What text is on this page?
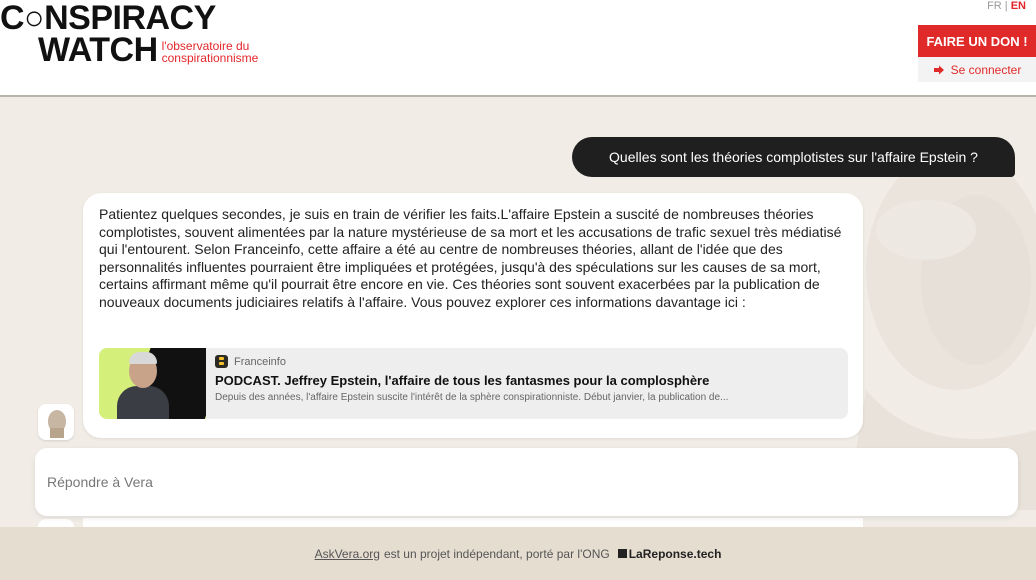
C○NSPIRACY
WATCH l'observatoire du
conspirationnisme
FR | EN
FAIRE UN DON !
Se connecter
Quelles sont les théories complotistes sur l'affaire Epstein ?
Patientez quelques secondes, je suis en train de vérifier les faits.L'affaire Epstein a suscité de nombreuses théories complotistes, souvent alimentées par la nature mystérieuse de sa mort et les accusations de trafic sexuel très médiatisé qui l'entourent. Selon Franceinfo, cette affaire a été au centre de nombreuses théories, allant de l'idée que des personnalités influentes pourraient être impliquées et protégées, jusqu'à des spéculations sur les causes de sa mort, certains affirmant même qu'il pourrait être encore en vie. Ces théories sont souvent exacerbées par la publication de nouveaux documents judiciaires relatifs à l'affaire. Vous pouvez explorer ces informations davantage ici :
Franceinfo
PODCAST. Jeffrey Epstein, l'affaire de tous les fantasmes pour la complosphère
Depuis des années, l'affaire Epstein suscite l'intérêt de la sphère conspirationniste. Début janvier, la publication de...
Répondre à Vera
AskVera.org est un projet indépendant, porté par l'ONG LaReponse.tech
